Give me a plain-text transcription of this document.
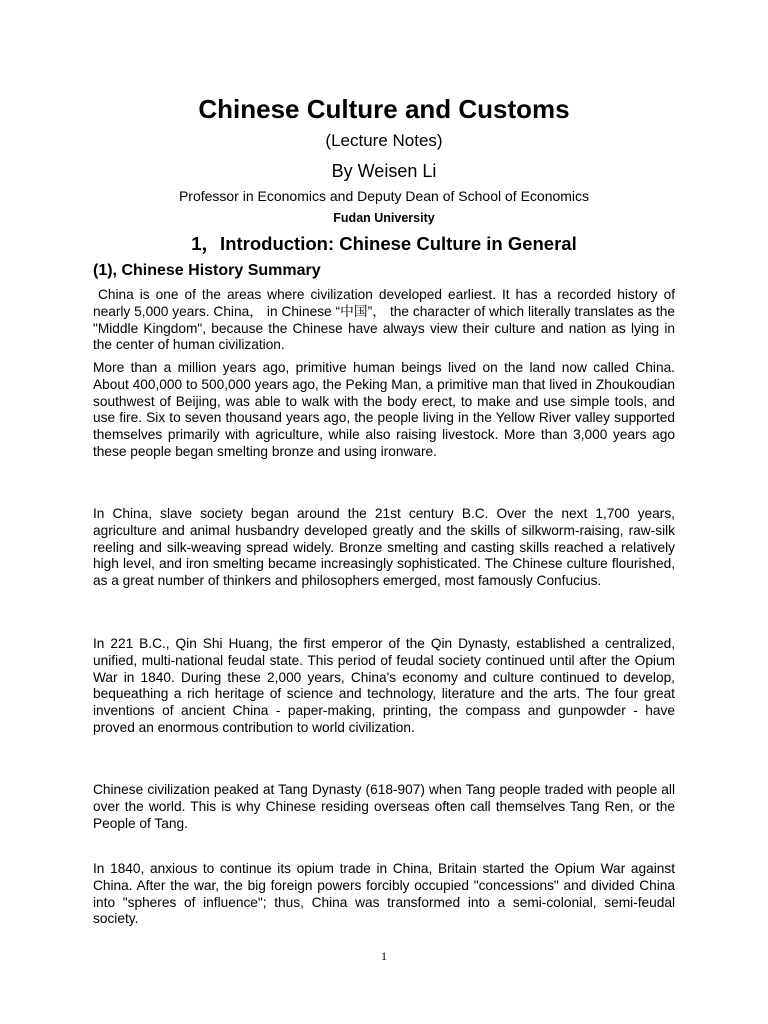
Chinese Culture and Customs
(Lecture Notes)
By Weisen Li
Professor in Economics and Deputy Dean of School of Economics
Fudan University
1，Introduction: Chinese Culture in General
(1), Chinese History Summary

China is one of the areas where civilization developed earliest. It has a recorded history of nearly 5,000 years. China， in Chinese “中国”， the character of which literally translates as the "Middle Kingdom", because the Chinese have always view their culture and nation as lying in the center of human civilization.

More than a million years ago, primitive human beings lived on the land now called China. About 400,000 to 500,000 years ago, the Peking Man, a primitive man that lived in Zhoukoudian southwest of Beijing, was able to walk with the body erect, to make and use simple tools, and use fire. Six to seven thousand years ago, the people living in the Yellow River valley supported themselves primarily with agriculture, while also raising livestock. More than 3,000 years ago these people began smelting bronze and using ironware.

In China, slave society began around the 21st century B.C. Over the next 1,700 years, agriculture and animal husbandry developed greatly and the skills of silkworm-raising, raw-silk reeling and silk-weaving spread widely. Bronze smelting and casting skills reached a relatively high level, and iron smelting became increasingly sophisticated. The Chinese culture flourished, as a great number of thinkers and philosophers emerged, most famously Confucius.

In 221 B.C., Qin Shi Huang, the first emperor of the Qin Dynasty, established a centralized, unified, multi-national feudal state. This period of feudal society continued until after the Opium War in 1840. During these 2,000 years, China's economy and culture continued to develop, bequeathing a rich heritage of science and technology, literature and the arts. The four great inventions of ancient China - paper-making, printing, the compass and gunpowder - have proved an enormous contribution to world civilization.

Chinese civilization peaked at Tang Dynasty (618-907) when Tang people traded with people all over the world. This is why Chinese residing overseas often call themselves Tang Ren, or the People of Tang.

In 1840, anxious to continue its opium trade in China, Britain started the Opium War against China. After the war, the big foreign powers forcibly occupied "concessions" and divided China into "spheres of influence"; thus, China was transformed into a semi-colonial, semi-feudal society.

1
